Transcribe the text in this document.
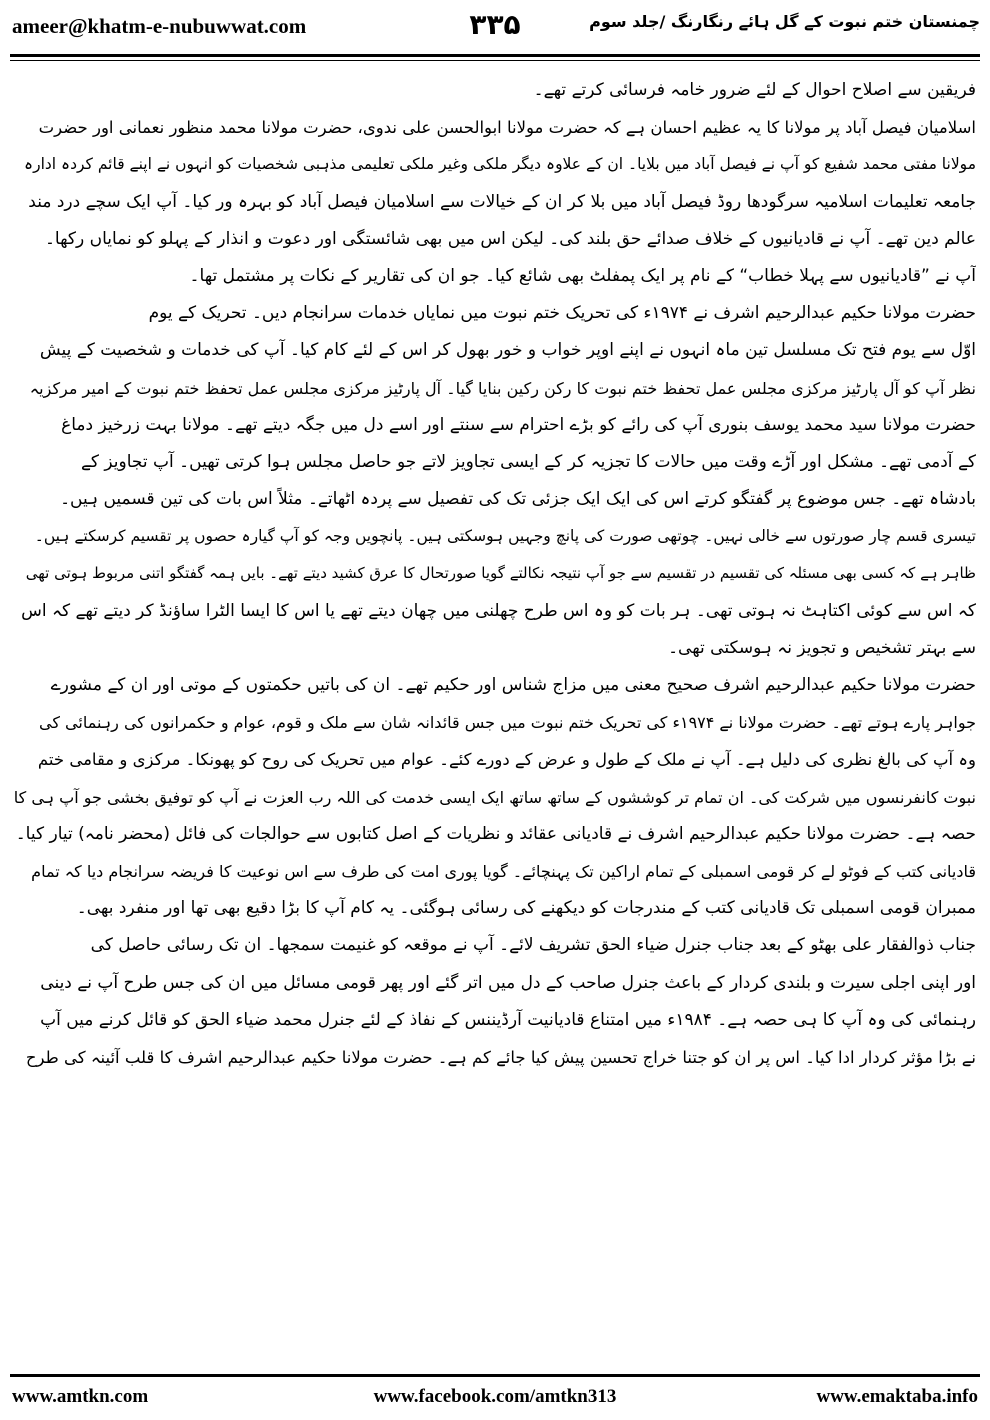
ameer@khatm-e-nubuwwat.com	۳۳۵	چمنستان ختم نبوت کے گل ہائے رنگارنگ /جلد سوم
فریقین سے اصلاح احوال کے لئے ضرور خامہ فرسائی کرتے تھے۔
اسلامیان فیصل آباد پر مولانا کا یہ عظیم احسان ہے کہ حضرت مولانا ابوالحسن علی ندوی، حضرت مولانا محمد منظور نعمانی اور حضرت
مولانا مفتی محمد شفیع کو آپ نے فیصل آباد میں بلایا۔ ان کے علاوہ دیگر ملکی وغیر ملکی تعلیمی مذہبی شخصیات کو انہوں نے اپنے قائم کردہ ادارہ
جامعہ تعلیمات اسلامیہ سرگودھا روڈ فیصل آباد میں بلا کر ان کے خیالات سے اسلامیان فیصل آباد کو بہرہ ور کیا۔ آپ ایک سچے درد مند
عالم دین تھے۔ آپ نے قادیانیوں کے خلاف صدائے حق بلند کی۔ لیکن اس میں بھی شائستگی اور دعوت و انذار کے پہلو کو نمایاں رکھا۔
آپ نے ”قادیانیوں سے پہلا خطاب“ کے نام پر ایک پمفلٹ بھی شائع کیا۔ جو ان کی تقاریر کے نکات پر مشتمل تھا۔
حضرت مولانا حکیم عبدالرحیم اشرف نے ۱۹۷۴ء کی تحریک ختم نبوت میں نمایاں خدمات سرانجام دیں۔ تحریک کے یوم
اوّل سے یوم فتح تک مسلسل تین ماہ انہوں نے اپنے اوپر خواب و خور بھول کر اس کے لئے کام کیا۔ آپ کی خدمات و شخصیت کے پیش
نظر آپ کو آل پارٹیز مرکزی مجلس عمل تحفظ ختم نبوت کا رکن رکین بنایا گیا۔ آل پارٹیز مرکزی مجلس عمل تحفظ ختم نبوت کے امیر مرکزیہ
حضرت مولانا سید محمد یوسف بنوری آپ کی رائے کو بڑے احترام سے سنتے اور اسے دل میں جگہ دیتے تھے۔ مولانا بہت زرخیز دماغ
کے آدمی تھے۔ مشکل اور آڑے وقت میں حالات کا تجزیہ کر کے ایسی تجاویز لاتے جو حاصل مجلس ہوا کرتی تھیں۔ آپ تجاویز کے
بادشاہ تھے۔ جس موضوع پر گفتگو کرتے اس کی ایک ایک جزئی تک کی تفصیل سے پردہ اٹھاتے۔ مثلاً اس بات کی تین قسمیں ہیں۔
تیسری قسم چار صورتوں سے خالی نہیں۔ چوتھی صورت کی پانچ وجہیں ہوسکتی ہیں۔ پانچویں وجہ کو آپ گیارہ حصوں پر تقسیم کرسکتے ہیں۔
ظاہر ہے کہ کسی بھی مسئلہ کی تقسیم در تقسیم سے جو آپ نتیجہ نکالتے گویا صورتحال کا عرق کشید دیتے تھے۔ بایں ہمہ گفتگو اتنی مربوط ہوتی تھی
کہ اس سے کوئی اکتاہٹ نہ ہوتی تھی۔ ہر بات کو وہ اس طرح چھلنی میں چھان دیتے تھے یا اس کا ایسا الٹرا ساؤنڈ کر دیتے تھے کہ اس
سے بہتر تشخیص و تجویز نہ ہوسکتی تھی۔
حضرت مولانا حکیم عبدالرحیم اشرف صحیح معنی میں مزاج شناس اور حکیم تھے۔ ان کی باتیں حکمتوں کے موتی اور ان کے مشورے
جواہر پارے ہوتے تھے۔ حضرت مولانا نے ۱۹۷۴ء کی تحریک ختم نبوت میں جس قائدانہ شان سے ملک و قوم، عوام و حکمرانوں کی رہنمائی کی
وہ آپ کی بالغ نظری کی دلیل ہے۔ آپ نے ملک کے طول و عرض کے دورے کئے۔ عوام میں تحریک کی روح کو پھونکا۔ مرکزی و مقامی ختم
نبوت کانفرنسوں میں شرکت کی۔ ان تمام تر کوششوں کے ساتھ ساتھ ایک ایسی خدمت کی اللہ رب العزت نے آپ کو توفیق بخشی جو آپ ہی کا
حصہ ہے۔ حضرت مولانا حکیم عبدالرحیم اشرف نے قادیانی عقائد و نظریات کے اصل کتابوں سے حوالجات کی فائل (محضر نامہ) تیار کیا۔
قادیانی کتب کے فوٹو لے کر قومی اسمبلی کے تمام اراکین تک پہنچائے۔ گویا پوری امت کی طرف سے اس نوعیت کا فریضہ سرانجام دیا کہ تمام
ممبران قومی اسمبلی تک قادیانی کتب کے مندرجات کو دیکھنے کی رسائی ہوگئی۔ یہ کام آپ کا بڑا دقیع بھی تھا اور منفرد بھی۔
جناب ذوالفقار علی بھٹو کے بعد جناب جنرل ضیاء الحق تشریف لائے۔ آپ نے موقعہ کو غنیمت سمجھا۔ ان تک رسائی حاصل کی
اور اپنی اجلی سیرت و بلندی کردار کے باعث جنرل صاحب کے دل میں اتر گئے اور پھر قومی مسائل میں ان کی جس طرح آپ نے دینی
رہنمائی کی وہ آپ کا ہی حصہ ہے۔ ۱۹۸۴ء میں امتناع قادیانیت آرڈیننس کے نفاذ کے لئے جنرل محمد ضیاء الحق کو قائل کرنے میں آپ
نے بڑا مؤثر کردار ادا کیا۔ اس پر ان کو جتنا خراج تحسین پیش کیا جائے کم ہے۔ حضرت مولانا حکیم عبدالرحیم اشرف کا قلب آئینہ کی طرح
www.amtkn.com	www.facebook.com/amtkn313	www.emaktaba.info
